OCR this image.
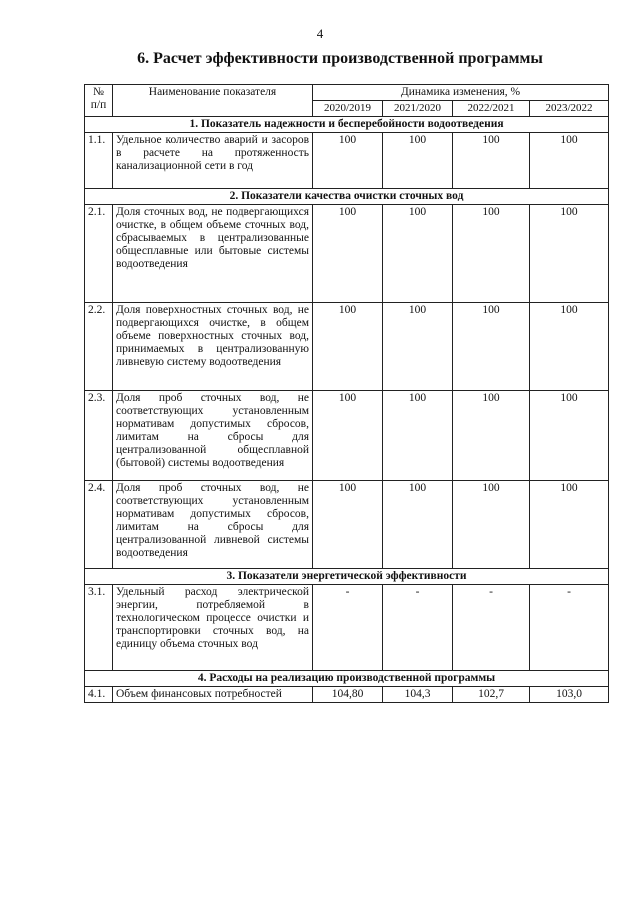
4
6. Расчет эффективности производственной программы
№ п/п	Наименование показателя	Динамика изменения, %			
		2020/2019	2021/2020	2022/2021	2023/2022
1. Показатель надежности и бесперебойности водоотведения					
1.1.	Удельное количество аварий и засоров в расчете на протяженность канализационной сети в год	100	100	100	100
2. Показатели качества очистки сточных вод					
2.1.	Доля сточных вод, не подвергающихся очистке, в общем объеме сточных вод, сбрасываемых в централизованные общесплавные или бытовые системы водоотведения	100	100	100	100
2.2.	Доля поверхностных сточных вод, не подвергающихся очистке, в общем объеме поверхностных сточных вод, принимаемых в централизованную ливневую систему водоотведения	100	100	100	100
2.3.	Доля проб сточных вод, не соответствующих установленным нормативам допустимых сбросов, лимитам на сбросы для централизованной общесплавной (бытовой) системы водоотведения	100	100	100	100
2.4.	Доля проб сточных вод, не соответствующих установленным нормативам допустимых сбросов, лимитам на сбросы для централизованной ливневой системы водоотведения	100	100	100	100
3. Показатели энергетической эффективности					
3.1.	Удельный расход электрической энергии, потребляемой в технологическом процессе очистки и транспортировки сточных вод, на единицу объема сточных вод	-	-	-	-
4. Расходы на реализацию производственной программы					
4.1.	Объем финансовых потребностей	104,80	104,3	102,7	103,0
